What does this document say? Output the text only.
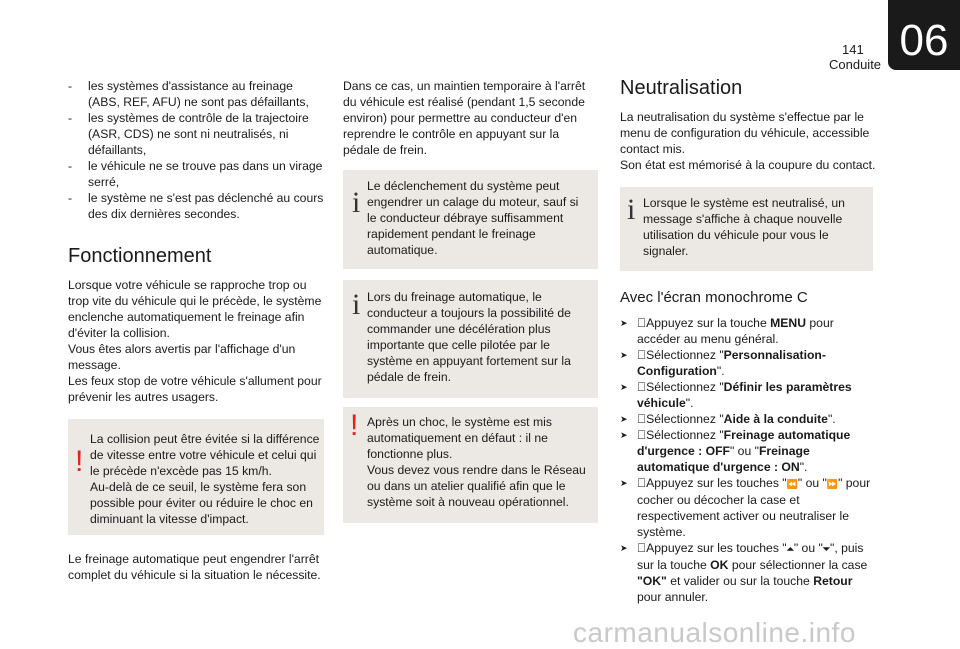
141
Conduite 06
- les systèmes d'assistance au freinage (ABS, REF, AFU) ne sont pas défaillants,
- les systèmes de contrôle de la trajectoire (ASR, CDS) ne sont ni neutralisés, ni défaillants,
- le véhicule ne se trouve pas dans un virage serré,
- le système ne s'est pas déclenché au cours des dix dernières secondes.
Fonctionnement

Lorsque votre véhicule se rapproche trop ou trop vite du véhicule qui le précède, le système enclenche automatiquement le freinage afin d'éviter la collision.

Vous êtes alors avertis par l'affichage d'un message.

Les feux stop de votre véhicule s'allument pour prévenir les autres usagers.

!

La collision peut être évitée si la différence de vitesse entre votre véhicule et celui qui le précède n'excède pas 15 km/h.

Au-delà de ce seuil, le système fera son possible pour éviter ou réduire le choc en diminuant la vitesse d'impact.

Le freinage automatique peut engendrer l'arrêt complet du véhicule si la situation le nécessite.

Dans ce cas, un maintien temporaire à l'arrêt du véhicule est réalisé (pendant 1,5 seconde environ) pour permettre au conducteur d'en reprendre le contrôle en appuyant sur la pédale de frein.

i Le déclenchement du système peut engendrer un calage du moteur, sauf si le conducteur débraye suffisamment rapidement pendant le freinage automatique.
i Lors du freinage automatique, le conducteur a toujours la possibilité de commander une décélération plus importante que celle pilotée par le système en appuyant fortement sur la pédale de frein.
! Après un choc, le système est mis automatiquement en défaut : il ne fonctionne plus.

Vous devez vous rendre dans le Réseau ou dans un atelier qualifié afin que le système soit à nouveau opérationnel.

Neutralisation

La neutralisation du système s'effectue par le menu de configuration du véhicule, accessible contact mis.

Son état est mémorisé à la coupure du contact.

i Lorsque le système est neutralisé, un message s'affiche à chaque nouvelle utilisation du véhicule pour vous le signaler.
Avec l'écran monochrome C
➤ Appuyez sur la touche MENU pour accéder au menu général.
➤ Sélectionnez "Personnalisation-Configuration".
➤ Sélectionnez "Définir les paramètres véhicule".
➤ Sélectionnez "Aide à la conduite".
➤ Sélectionnez "Freinage automatique d'urgence : OFF" ou "Freinage automatique d'urgence : ON".
➤ Appuyez sur les touches "⏪" ou "⏩" pour cocher ou décocher la case et respectivement activer ou neutraliser le système.
➤ Appuyez sur les touches "⏶" ou "⏷", puis sur la touche OK pour sélectionner la case "OK" et valider ou sur la touche Retour pour annuler.
carmanualsonline.info
